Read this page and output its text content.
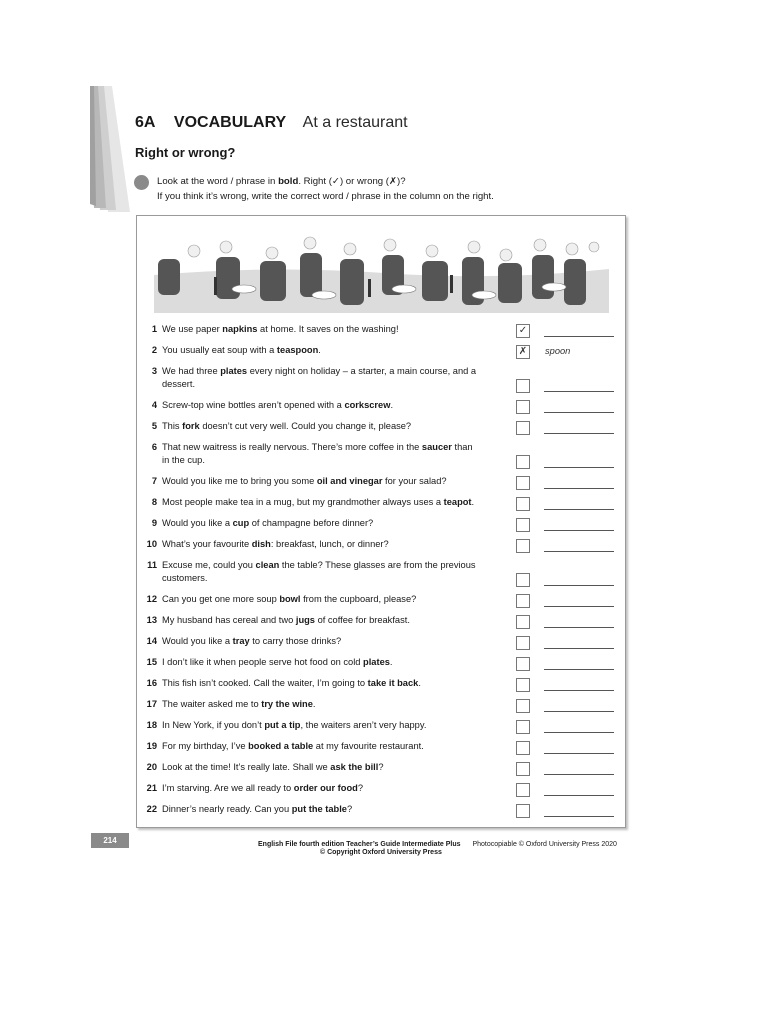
6A VOCABULARY At a restaurant
Right or wrong?
Look at the word / phrase in bold. Right (✓) or wrong (✗)?
If you think it’s wrong, write the correct word / phrase in the column on the right.
1 We use paper napkins at home. It saves on the washing!	✓
2 You usually eat soup with a teaspoon.	✗	spoon
3 We had three plates every night on holiday – a starter, a main course, and a dessert.
4 Screw-top wine bottles aren’t opened with a corkscrew.
5 This fork doesn’t cut very well. Could you change it, please?
6 That new waitress is really nervous. There’s more coffee in the saucer than in the cup.
7 Would you like me to bring you some oil and vinegar for your salad?
8 Most people make tea in a mug, but my grandmother always uses a teapot.
9 Would you like a cup of champagne before dinner?
10 What’s your favourite dish: breakfast, lunch, or dinner?
11 Excuse me, could you clean the table? These glasses are from the previous customers.
12 Can you get one more soup bowl from the cupboard, please?
13 My husband has cereal and two jugs of coffee for breakfast.
14 Would you like a tray to carry those drinks?
15 I don’t like it when people serve hot food on cold plates.
16 This fish isn’t cooked. Call the waiter, I’m going to take it back.
17 The waiter asked me to try the wine.
18 In New York, if you don’t put a tip, the waiters aren’t very happy.
19 For my birthday, I’ve booked a table at my favourite restaurant.
20 Look at the time! It’s really late. Shall we ask the bill?
21 I’m starving. Are we all ready to order our food?
22 Dinner’s nearly ready. Can you put the table?
214	English File fourth edition Teacher’s Guide Intermediate Plus Photocopiable © Oxford University Press 2020
© Copyright Oxford University Press
